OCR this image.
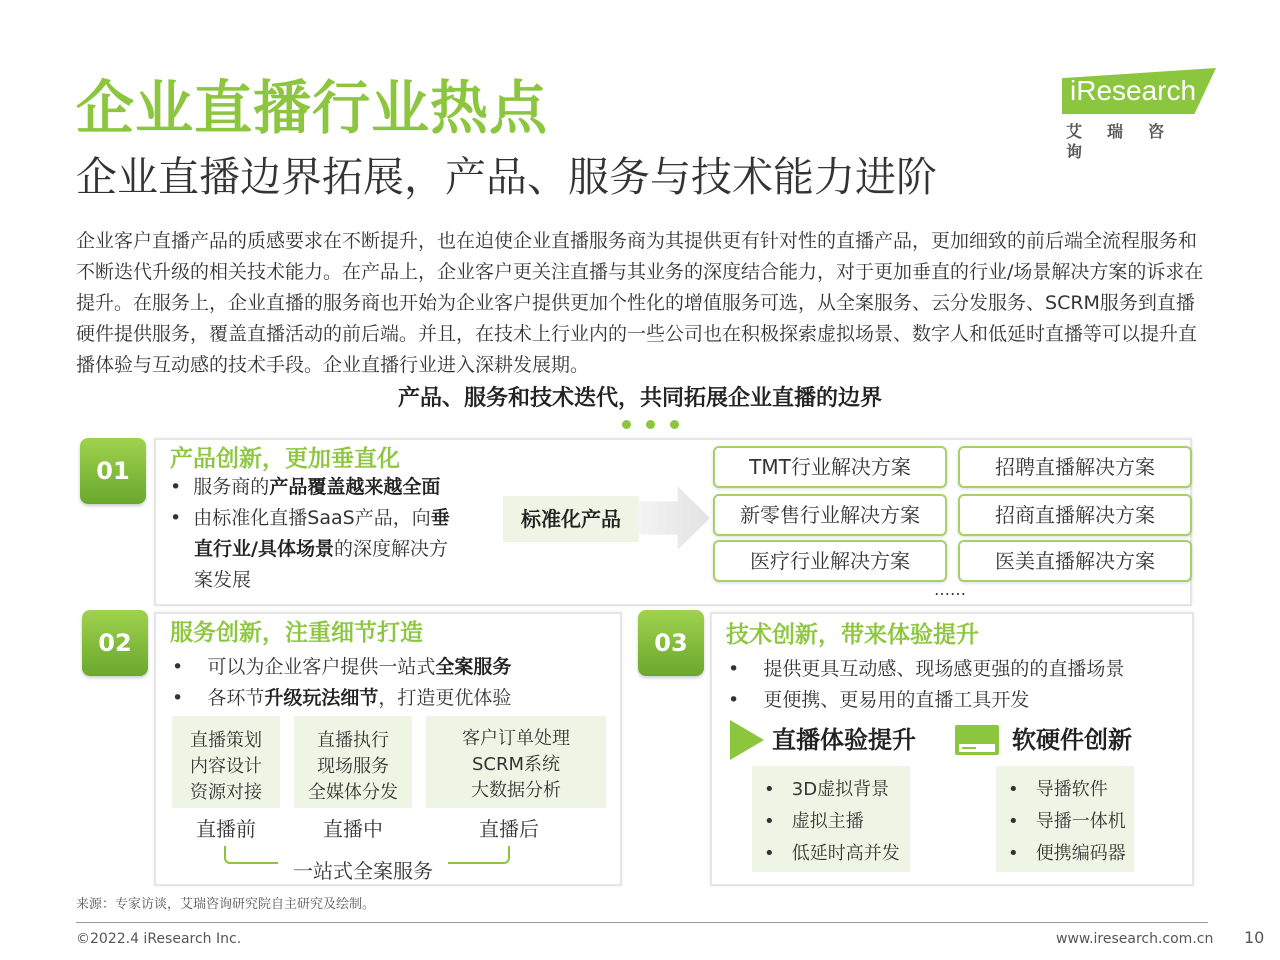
企业直播行业热点
企业直播边界拓展，产品、服务与技术能力进阶
iResearch
艾瑞咨询
企业客户直播产品的质感要求在不断提升，也在迫使企业直播服务商为其提供更有针对性的直播产品，更加细致的前后端全流程服务和不断迭代升级的相关技术能力。在产品上，企业客户更关注直播与其业务的深度结合能力，对于更加垂直的行业/场景解决方案的诉求在提升。在服务上，企业直播的服务商也开始为企业客户提供更加个性化的增值服务可选，从全案服务、云分发服务、SCRM服务到直播硬件提供服务，覆盖直播活动的前后端。并且，在技术上行业内的一些公司也在积极探索虚拟场景、数字人和低延时直播等可以提升直播体验与互动感的技术手段。企业直播行业进入深耕发展期。
产品、服务和技术迭代，共同拓展企业直播的边界
01	产品创新，更加垂直化
•  服务商的产品覆盖越来越全面
•  由标准化直播SaaS产品，向垂
直行业/具体场景的深度解决方
案发展
标准化产品
TMT行业解决方案	招聘直播解决方案
新零售行业解决方案	招商直播解决方案
医疗行业解决方案	医美直播解决方案
……
02	服务创新，注重细节打造
•    可以为企业客户提供一站式全案服务
•    各环节升级玩法细节，打造更优体验
直播策划
内容设计
资源对接
直播执行
现场服务
全媒体分发
客户订单处理
SCRM系统
大数据分析
直播前	直播中	直播后
一站式全案服务
03	技术创新，带来体验提升
•    提供更具互动感、现场感更强的的直播场景
•    更便携、更易用的直播工具开发
直播体验提升	软硬件创新
•   3D虚拟背景
•   虚拟主播
•   低延时高并发
•   导播软件
•   导播一体机
•   便携编码器
来源：专家访谈，艾瑞咨询研究院自主研究及绘制。
©2022.4 iResearch Inc.	www.iresearch.com.cn 10
